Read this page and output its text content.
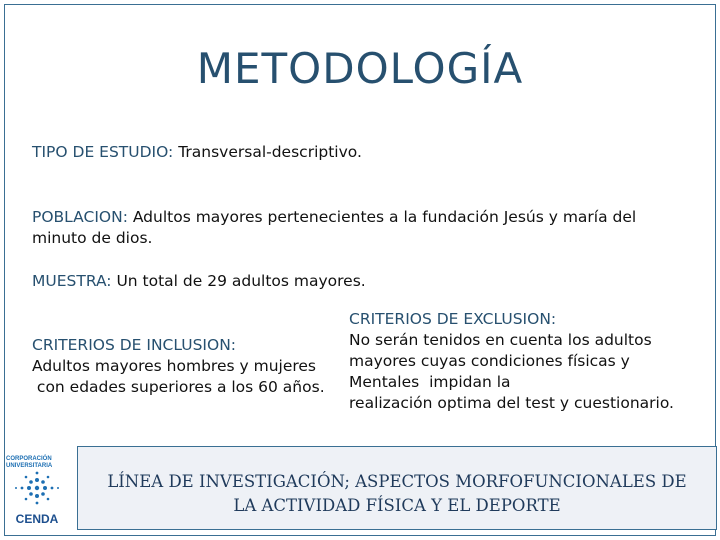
METODOLOGÍA
TIPO DE ESTUDIO: Transversal-descriptivo.
POBLACION: Adultos mayores pertenecientes a la fundación Jesús y maría del
minuto de dios.
MUESTRA: Un total de 29 adultos mayores.
CRITERIOS DE EXCLUSION:
No serán tenidos en cuenta los adultos
mayores cuyas condiciones físicas y
Mentales  impidan la
realización optima del test y cuestionario.
CRITERIOS DE INCLUSION:
Adultos mayores hombres y mujeres
con edades superiores a los 60 años.
CORPORACIÓN
UNIVERSITARIA
CENDA
LÍNEA DE INVESTIGACIÓN; ASPECTOS MORFOFUNCIONALES DE
LA ACTIVIDAD FÍSICA Y EL DEPORTE
